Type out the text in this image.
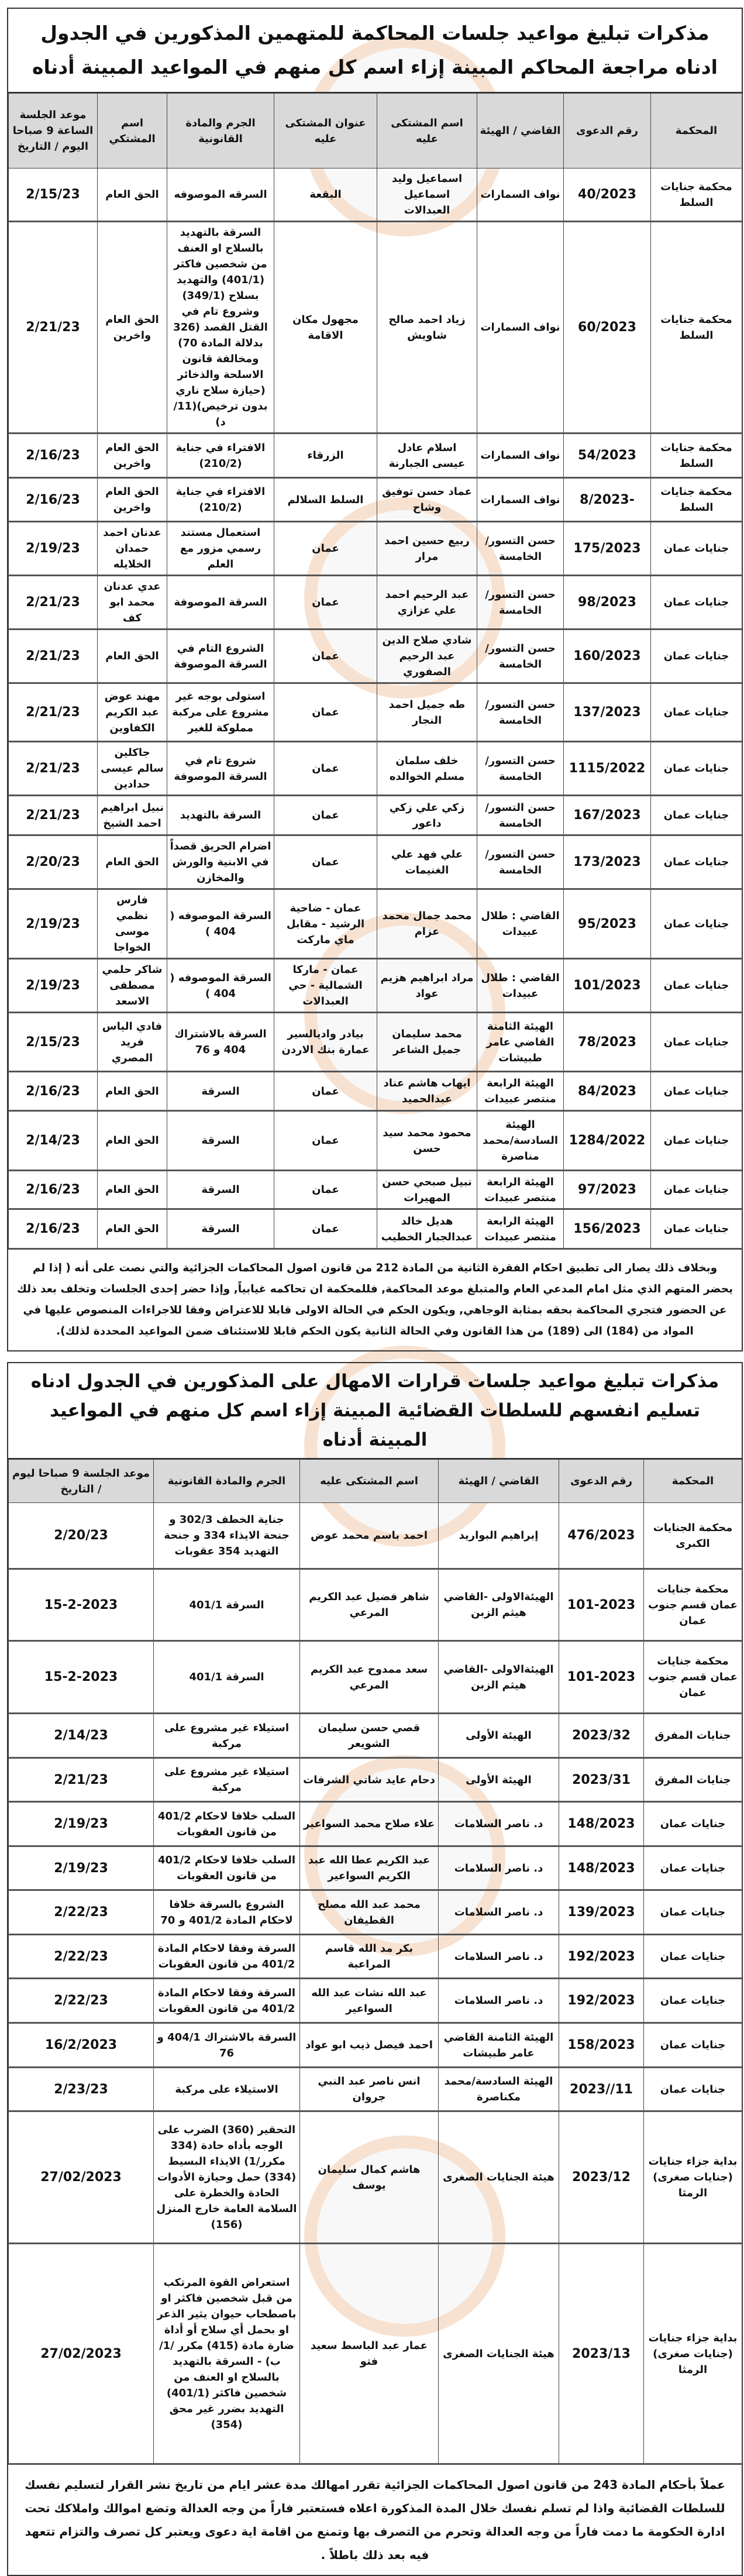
مذكرات تبليغ مواعيد جلسات المحاكمة للمتهمين المذكورين في الجدول ادناه مراجعة المحاكم المبينة إزاء اسم كل منهم في المواعيد المبينة أدناه
المحكمة	رقم الدعوى	القاضي / الهيئة	اسم المشتكى عليه	عنوان المشتكى عليه	الجرم والمادة القانونية	اسم المشتكي	موعد الجلسة الساعة 9 صباحا اليوم / التاريخ
محكمة جنايات السلط	40/2023	نواف السمارات	اسماعيل وليد اسماعيل العبدالات	البقعة	السرقه الموصوفه	الحق العام	2/15/23
محكمة جنايات السلط	60/2023	نواف السمارات	زياد احمد صالح شاويش	مجهول مكان الاقامة	السرقة بالتهديد بالسلاح او العنف من شخصين فاكثر (401/1) والتهديد بسلاح (349/1) وشروع تام في القتل القصد (326 بدلالة المادة 70) ومخالفة قانون الاسلحة والذخائر (حيازة سلاح ناري بدون ترخيص)(11/د)	الحق العام واخرين	2/21/23
محكمة جنايات السلط	54/2023	نواف السمارات	اسلام عادل عيسى الجبارنة	الزرقاء	الافتراء في جناية (210/2)	الحق العام واخرين	2/16/23
محكمة جنايات السلط	-8/2023	نواف السمارات	عماد حسن توفيق وشاح	السلط السلالم	الافتراء في جناية (210/2)	الحق العام واخرين	2/16/23
جنايات عمان	175/2023	حسن التسور/ الخامسة	ربيع حسين احمد مرار	عمان	استعمال مستند رسمي مزور مع العلم	عدنان احمد حمدان الخلايله	2/19/23
جنايات عمان	98/2023	حسن التسور/ الخامسة	عبد الرحيم احمد علي عزازي	عمان	السرقة الموصوفة	عدي عدنان محمد ابو كف	2/21/23
جنايات عمان	160/2023	حسن التسور/ الخامسة	شادي صلاح الدين عبد الرحيم الصفوري	عمان	الشروع التام في السرقة الموصوفة	الحق العام	2/21/23
جنايات عمان	137/2023	حسن التسور/ الخامسة	طه جميل احمد النجار	عمان	استولى بوجه غير مشروع على مركبة مملوكة للغير	مهند عوض عبد الكريم الكفاوين	2/21/23
جنايات عمان	1115/2022	حسن التسور/ الخامسة	خلف سلمان مسلم الخوالده	عمان	شروع تام في السرقة الموصوفة	جاكلين سالم عيسى حدادين	2/21/23
جنايات عمان	167/2023	حسن التسور/ الخامسة	زكي علي زكي داعور	عمان	السرقة بالتهديد	نبيل ابراهيم احمد الشيخ	2/21/23
جنايات عمان	173/2023	حسن التسور/ الخامسة	علي فهد علي الغنيمات	عمان	اضرام الحريق قصداً في الابنية والورش والمخازن	الحق العام	2/20/23
جنايات عمان	95/2023	القاضي : طلال عبيدات	محمد جمال محمد عزام	عمان - ضاحية الرشيد - مقابل ماي ماركت	السرقة الموصوفه ( 404 )	فارس نظمي موسى الخواجا	2/19/23
جنايات عمان	101/2023	القاضي : طلال عبيدات	مراد ابراهيم هزيم عواد	عمان - ماركا الشمالية - حي العبدالات	السرقة الموصوفه ( 404 )	شاكر حلمي مصطفى الاسعد	2/19/23
جنايات عمان	78/2023	الهيئة الثامنة القاضي عامر طبيشات	محمد سليمان جميل الشاعر	بيادر واديالسير عمارة بنك الاردن	السرقة بالاشتراك 404 و 76	فادي الياس فريد المصري	2/15/23
جنايات عمان	84/2023	الهيئة الرابعة منتصر عبيدات	ايهاب هاشم عناد عبدالحميد	عمان	السرقة	الحق العام	2/16/23
جنايات عمان	1284/2022	الهيئة السادسة/محمد مناصرة	محمود محمد سيد حسن	عمان	السرقة	الحق العام	2/14/23
جنايات عمان	97/2023	الهيئة الرابعة منتصر عبيدات	نبيل صبحي حسن المهيرات	عمان	السرقة	الحق العام	2/16/23
جنايات عمان	156/2023	الهيئة الرابعة منتصر عبيدات	هديل خالد عبدالجبار الخطيب	عمان	السرقة	الحق العام	2/16/23
وبخلاف ذلك يصار الى تطبيق احكام الفقرة الثانية من المادة 212 من قانون اصول المحاكمات الجزائية والتي نصت على أنه ( إذا لم يحضر المتهم الذي مثل امام المدعي العام والمتبلغ موعد المحاكمة, فللمحكمة ان تحاكمه غيابياً, وإذا حضر إحدى الجلسات وتخلف بعد ذلك عن الحضور فتجري المحاكمة بحقه بمثابة الوجاهي, ويكون الحكم في الحالة الاولى قابلا للاعتراض وفقا للاجراءات المنصوص عليها في المواد من (184) الى (189) من هذا القانون وفي الحالة الثانية يكون الحكم قابلا للاستئناف ضمن المواعيد المحددة لذلك).
مذكرات تبليغ مواعيد جلسات قرارات الامهال على المذكورين في الجدول ادناه تسليم انفسهم للسلطات القضائية المبينة إزاء اسم كل منهم في المواعيد المبينة أدناه
المحكمة	رقم الدعوى	القاضي / الهيئة	اسم المشتكى عليه	الجرم والمادة القانونية	موعد الجلسة 9 صباحا ليوم / التاريخ
محكمة الجنايات الكبرى	476/2023	إبراهيم البواريد	احمد باسم محمد عوض	جناية الخطف 302/3 و جنحة الايذاء 334 و جنحة التهديد 354 عقوبات	2/20/23
محكمة جنايات عمان قسم جنوب عمان	101-2023	الهيئةالاولى -القاضي هيثم الزبن	شاهر فضيل عبد الكريم المرعي	السرقة 401/1	15-2-2023
محكمة جنايات عمان قسم جنوب عمان	101-2023	الهيئةالاولى -القاضي هيثم الزبن	سعد ممدوح عبد الكريم المرعي	السرقة 401/1	15-2-2023
جنايات المفرق	2023/32	الهيئة الأولى	قصي حسن سليمان الشويعر	استيلاء غير مشروع على مركبة	2/14/23
جنايات المفرق	2023/31	الهيئة الأولى	دحام عايد شاتي الشرفات	استيلاء غير مشروع على مركبة	2/21/23
جنايات عمان	148/2023	د. ناصر السلامات	علاء صلاح محمد السواعير	السلب خلافا لاحكام 401/2 من قانون العقوبات	2/19/23
جنايات عمان	148/2023	د. ناصر السلامات	عبد الكريم عطا الله عبد الكريم السواعير	السلب خلافا لاحكام 401/2 من قانون العقوبات	2/19/23
جنايات عمان	139/2023	د. ناصر السلامات	محمد عبد الله مصلح القطيفان	الشروع بالسرقة خلافا لاحكام المادة 401/2 و 70	2/22/23
جنايات عمان	192/2023	د. ناصر السلامات	بكر مد الله قاسم المراعبة	السرقة وفقا لاحكام المادة 401/2 من قانون العقوبات	2/22/23
جنايات عمان	192/2023	د. ناصر السلامات	عبد الله نشات عبد الله السواعير	السرقة وفقا لاحكام المادة 401/2 من قانون العقوبات	2/22/23
جنايات عمان	158/2023	الهيئة الثامنة القاضي عامر طبيشات	احمد فيصل ذيب ابو عواد	السرقة بالاشتراك 404/1 و 76	16/2/2023
جنايات عمان	11//2023	الهيئة السادسة/محمد مكناصرة	انس ناصر عبد النبي جروان	الاستيلاء على مركبة	2/23/23
بداية جزاء جنايات (جنايات صغرى) الرمثا	2023/12	هيئة الجنايات الصغرى	هاشم كمال سليمان يوسف	التحقير (360) الضرب على الوجه بأداه حادة (334 مكرر/1) الايذاء البسيط (334) حمل وحيازة الأدوات الحادة والخطرة على السلامة العامة خارج المنزل (156)	27/02/2023
بداية جزاء جنايات (جنايات صغرى) الرمثا	2023/13	هيئة الجنايات الصغرى	عمار عبد الباسط سعيد فتو	استعراض القوة المرتكب من قبل شخصين فاكثر او باصطحاب حيوان يثير الذعر او بحمل أي سلاح أو أداة ضارة مادة (415) مكرر /1/ب) - السرقة بالتهديد بالسلاح او العنف من شخصين فاكثر (401/1) التهديد بضرر غير محق (354)	27/02/2023
عملاً بأحكام المادة 243 من قانون اصول المحاكمات الجزائية تقرر امهالك مدة عشر ايام من تاريخ نشر القرار لتسليم نفسك للسلطات القضائية واذا لم تسلم نفسك خلال المدة المذكورة اعلاه فستعتبر فاراً من وجه العدالة وتضع اموالك واملاكك تحت ادارة الحكومة ما دمت فاراً من وجه العدالة وتحرم من التصرف بها وتمنع من اقامة اية دعوى ويعتبر كل تصرف والتزام تتعهد فيه بعد ذلك باطلاً .
